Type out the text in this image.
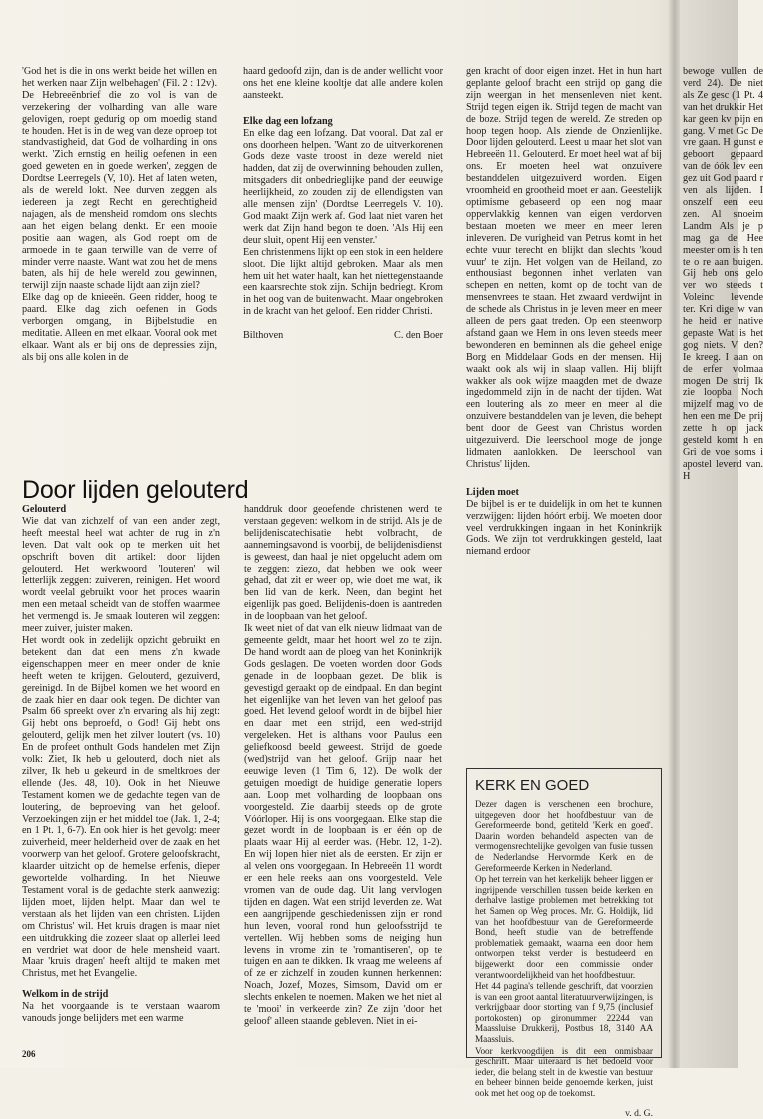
'God het is die in ons werkt beide het willen en het werken naar Zijn welbehagen' (Fil. 2 : 12v). De Hebreeënbrief die zo vol is van de verzekering der volharding van alle ware gelovigen, roept gedurig op om moedig stand te houden. Het is in de weg van deze oproep tot standvastigheid, dat God de volharding in ons werkt. 'Zich ernstig en heilig oefenen in een goed geweten en in goede werken', zeggen de Dordtse Leerregels (V, 10). Het af laten weten, als de wereld lokt. Nee durven zeggen als iedereen ja zegt Recht en gerechtigheid najagen, als de mensheid romdom ons slechts aan het eigen belang denkt. Er een mooie positie aan wagen, als God roept om de armoede in te gaan terwille van de verre of minder verre naaste. Want wat zou het de mens baten, als hij de hele wereld zou gewinnen, terwijl zijn naaste schade lijdt aan zijn ziel?

Elke dag op de knieeën. Geen ridder, hoog te paard. Elke dag zich oefenen in Gods verborgen omgang, in Bijbelstudie en meditatie. Alleen en met elkaar. Vooral ook met elkaar. Want als er bij ons de depressies zijn, als bij ons alle kolen in de

haard gedoofd zijn, dan is de ander wellicht voor ons het ene kleine kooltje dat alle andere kolen aansteekt.

Elke dag een lofzang

En elke dag een lofzang. Dat vooral. Dat zal er ons doorheen helpen. 'Want zo de uitverkorenen Gods deze vaste troost in deze wereld niet hadden, dat zij de overwinning behouden zullen, mitsgaders dit onbedrieglijke pand der eeuwige heerlijkheid, zo zouden zij de ellendigsten van alle mensen zijn' (Dordtse Leerregels V. 10). God maakt Zijn werk af. God laat niet varen het werk dat Zijn hand begon te doen. 'Als Hij een deur sluit, opent Hij een venster.'

Een christenmens lijkt op een stok in een heldere sloot. Die lijkt altijd gebroken. Maar als men hem uit het water haalt, kan het niettegenstaande een kaarsrechte stok zijn. Schijn bedriegt. Krom in het oog van de buitenwacht. Maar ongebroken in de kracht van het geloof. Een ridder Christi.

Bilthoven	C. den Boer
Door lijden gelouterd

Gelouterd

Wie dat van zichzelf of van een ander zegt, heeft meestal heel wat achter de rug in z'n leven. Dat valt ook op te merken uit het opschrift boven dit artikel: door lijden gelouterd. Het werkwoord 'louteren' wil letterlijk zeggen: zuiveren, reinigen. Het woord wordt veelal gebruikt voor het proces waarin men een metaal scheidt van de stoffen waarmee het vermengd is. Je smaak louteren wil zeggen: meer zuiver, juister maken.

Het wordt ook in zedelijk opzicht gebruikt en betekent dan dat een mens z'n kwade eigenschappen meer en meer onder de knie heeft weten te krijgen. Gelouterd, gezuiverd, gereinigd. In de Bijbel komen we het woord en de zaak hier en daar ook tegen. De dichter van Psalm 66 spreekt over z'n ervaring als hij zegt: Gij hebt ons beproefd, o God! Gij hebt ons gelouterd, gelijk men het zilver loutert (vs. 10) En de profeet onthult Gods handelen met Zijn volk: Ziet, Ik heb u gelouterd, doch niet als zilver, Ik heb u gekeurd in de smeltkroes der ellende (Jes. 48, 10). Ook in het Nieuwe Testament komen we de gedachte tegen van de loutering, de beproeving van het geloof. Verzoekingen zijn er het middel toe (Jak. 1, 2-4; en 1 Pt. 1, 6-7). En ook hier is het gevolg: meer zuiverheid, meer helderheid over de zaak en het voorwerp van het geloof. Grotere geloofskracht, klaarder uitzicht op de hemelse erfenis, dieper gewortelde volharding. In het Nieuwe Testament voral is de gedachte sterk aanwezig: lijden moet, lijden helpt. Maar dan wel te verstaan als het lijden van een christen. Lijden om Christus' wil. Het kruis dragen is maar niet een uitdrukking die zozeer slaat op allerlei leed en verdriet wat door de hele mensheid vaart. Maar 'kruis dragen' heeft altijd te maken met Christus, met het Evangelie.

Welkom in de strijd

Na het voorgaande is te verstaan waarom vanouds jonge belijders met een warme

handdruk door geoefende christenen werd te verstaan gegeven: welkom in de strijd. Als je de belijdeniscatechisatie hebt volbracht, de aannemingsavond is voorbij, de belijdenisdienst is geweest, dan haal je niet opgelucht adem om te zeggen: ziezo, dat hebben we ook weer gehad, dat zit er weer op, wie doet me wat, ik ben lid van de kerk. Neen, dan begint het eigenlijk pas goed. Belijdenis-doen is aantreden in de loopbaan van het geloof.

Ik weet niet of dat van elk nieuw lidmaat van de gemeente geldt, maar het hoort wel zo te zijn. De hand wordt aan de ploeg van het Koninkrijk Gods geslagen. De voeten worden door Gods genade in de loopbaan gezet. De blik is gevestigd geraakt op de eindpaal. En dan begint het eigenlijke van het leven van het geloof pas goed. Het levend geloof wordt in de bijbel hier en daar met een strijd, een wed-strijd vergeleken. Het is althans voor Paulus een geliefkoosd beeld geweest. Strijd de goede (wed)strijd van het geloof. Grijp naar het eeuwige leven (1 Tim 6, 12). De wolk der getuigen moedigt de huidige generatie lopers aan. Loop met volharding de loopbaan ons voorgesteld. Zie daarbij steeds op de grote Vóórloper. Hij is ons voorgegaan. Elke stap die gezet wordt in de loopbaan is er één op de plaats waar Hij al eerder was. (Hebr. 12, 1-2). En wij lopen hier niet als de eersten. Er zijn er al velen ons voorgegaan. In Hebreeën 11 wordt er een hele reeks aan ons voorgesteld. Vele vromen van de oude dag. Uit lang vervlogen tijden en dagen. Wat een strijd leverden ze. Wat een aangrijpende geschiedenissen zijn er rond hun leven, vooral rond hun geloofsstrijd te vertellen. Wij hebben soms de neiging hun levens in vrome zin te 'romantiseren', op te tuigen en aan te dikken. Ik vraag me weleens af of ze er zichzelf in zouden kunnen herkennen: Noach, Jozef, Mozes, Simsom, David om er slechts enkelen te noemen. Maken we het niet al te 'mooi' in verkeerde zin? Ze zijn 'door het geloof' alleen staande gebleven. Niet in ei-

gen kracht of door eigen inzet. Het in hun hart geplante geloof bracht een strijd op gang die zijn weergan in het mensenleven niet kent. Strijd tegen eigen ik. Strijd tegen de macht van de boze. Strijd tegen de wereld. Ze streden op hoop tegen hoop. Als ziende de Onzienlijke. Door lijden gelouterd. Leest u maar het slot van Hebreeën 11. Gelouterd. Er moet heel wat af bij ons. Er moeten heel wat onzuivere bestanddelen uitgezuiverd worden. Eigen vroomheid en grootheid moet er aan. Geestelijk optimisme gebaseerd op een nog maar oppervlakkig kennen van eigen verdorven bestaan moeten we meer en meer leren inleveren. De vurigheid van Petrus komt in het echte vuur terecht en blijkt dan slechts 'koud vuur' te zijn. Het volgen van de Heiland, zo enthousiast begonnen inhet verlaten van schepen en netten, komt op de tocht van de mensenvrees te staan. Het zwaard verdwijnt in de schede als Christus in je leven meer en meer alleen de pers gaat treden. Op een steenworp afstand gaan we Hem in ons leven steeds meer bewonderen en beminnen als die geheel enige Borg en Middelaar Gods en der mensen. Hij waakt ook als wij in slaap vallen. Hij blijft wakker als ook wijze maagden met de dwaze ingedommeld zijn in de nacht der tijden. Wat een loutering als zo meer en meer al die onzuivere bestanddelen van je leven, die behept bent door de Geest van Christus worden uitgezuiverd. Die leerschool moge de jonge lidmaten aanlokken. De leerschool van Christus' lijden.

Lijden moet

De bijbel is er te duidelijk in om het te kunnen verzwijgen: lijden hóórt erbij. We moeten door veel verdrukkingen ingaan in het Koninkrijk Gods. We zijn tot verdrukkingen gesteld, laat niemand erdoor

KERK EN GOED

Dezer dagen is verschenen een brochure, uitgegeven door het hoofdbestuur van de Gereformeerde bond, getiteld 'Kerk en goed'. Daarin worden behandeld aspecten van de vermogensrechtelijke gevolgen van fusie tussen de Nederlandse Hervormde Kerk en de Gereformeerde Kerken in Nederland.

Op het terrein van het kerkelijk beheer liggen er ingrijpende verschillen tussen beide kerken en derhalve lastige problemen met betrekking tot het Samen op Weg proces. Mr. G. Holdijk, lid van het hoofdbestuur van de Gereformeerde Bond, heeft studie van de betreffende problematiek gemaakt, waarna een door hem ontworpen tekst verder is bestudeerd en bijgewerkt door een commissie onder verantwoordelijkheid van het hoofdbestuur.

Het 44 pagina's tellende geschrift, dat voorzien is van een groot aantal literatuurverwijzingen, is verkrijgbaar door storting van f 9,75 (inclusief portokosten) op gironummer 22244 van Maassluise Drukkerij, Postbus 18, 3140 AA Maassluis.

Voor kerkvoogdijen is dit een onmisbaar geschrift. Maar uiteraard is het bedoeld voor ieder, die belang stelt in de kwestie van bestuur en beheer binnen beide genoemde kerken, juist ook met het oog op de toekomst.

v. d. G.
bewoge vullen de verd 24). De niet als Ze gesc (1 Pt. 4 van het drukkir Het kar geen kv pijn en gang. V met Gc De vre gaan. H gunst e geboort gepaard van de óók lev een gez uit God paard r ven als lijden. I onszelf een eeu zen. Al snoeim Landm Als je p mag ga de Hee meester om is h ten te o re aan buigen. Gij heb ons gelo ver wo steeds t Voleinc levende ter. Kri dige w van he heid er native gepaste Wat is het gog niets. V den? Ie kreeg. I aan on de erfer volmaa mogen De strij Ik zie loopba Noch mijzelf mag vo de hen een me De prij zette h op jack gesteld komt h en Gri de voe soms i apostel leverd van. H
206
